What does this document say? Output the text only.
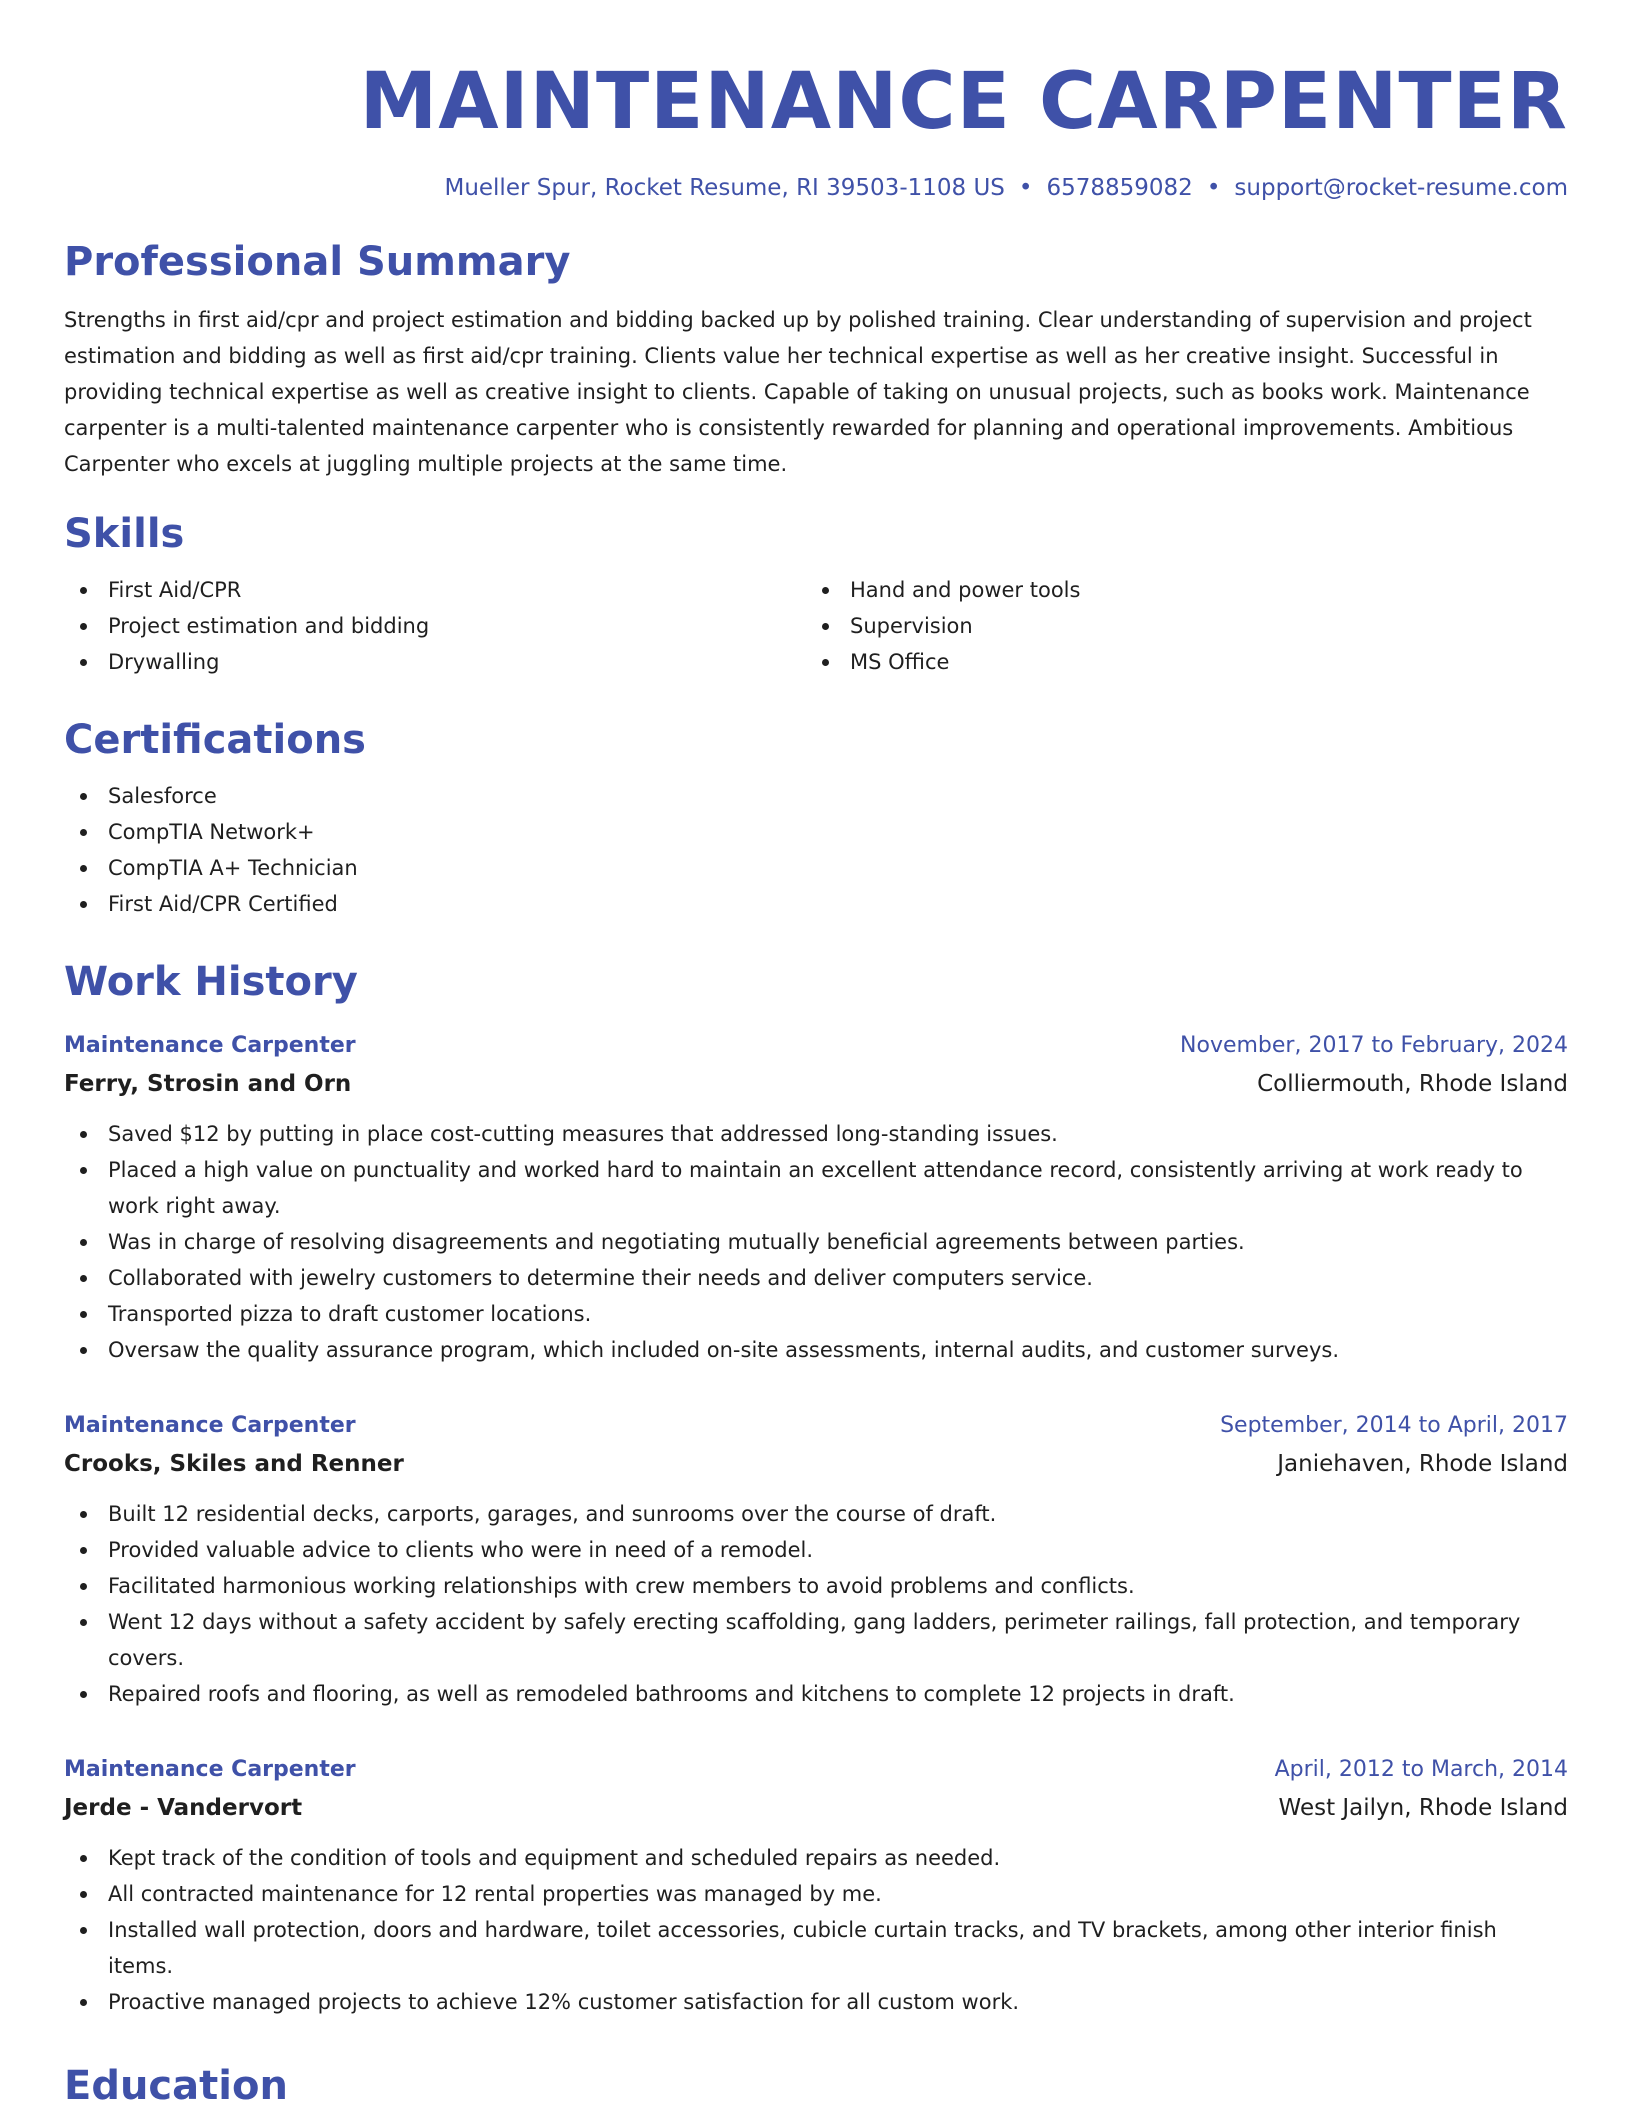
MAINTENANCE CARPENTER
Mueller Spur, Rocket Resume, RI 39503-1108 US • 6578859082 • support@rocket-resume.com
Professional Summary

Strengths in first aid/cpr and project estimation and bidding backed up by polished training. Clear understanding of supervision and project estimation and bidding as well as first aid/cpr training. Clients value her technical expertise as well as her creative insight. Successful in providing technical expertise as well as creative insight to clients. Capable of taking on unusual projects, such as books work. Maintenance carpenter is a multi-talented maintenance carpenter who is consistently rewarded for planning and operational improvements. Ambitious Carpenter who excels at juggling multiple projects at the same time.

Skills
First Aid/CPR
Project estimation and bidding
Drywalling
Hand and power tools
Supervision
MS Office
Certifications
Salesforce
CompTIA Network+
CompTIA A+ Technician
First Aid/CPR Certified
Work History
Maintenance Carpenter	November, 2017 to February, 2024
Ferry, Strosin and Orn	Colliermouth, Rhode Island
Saved $12 by putting in place cost-cutting measures that addressed long-standing issues.
Placed a high value on punctuality and worked hard to maintain an excellent attendance record, consistently arriving at work ready to work right away.
Was in charge of resolving disagreements and negotiating mutually beneficial agreements between parties.
Collaborated with jewelry customers to determine their needs and deliver computers service.
Transported pizza to draft customer locations.
Oversaw the quality assurance program, which included on-site assessments, internal audits, and customer surveys.
Maintenance Carpenter	September, 2014 to April, 2017
Crooks, Skiles and Renner	Janiehaven, Rhode Island
Built 12 residential decks, carports, garages, and sunrooms over the course of draft.
Provided valuable advice to clients who were in need of a remodel.
Facilitated harmonious working relationships with crew members to avoid problems and conflicts.
Went 12 days without a safety accident by safely erecting scaffolding, gang ladders, perimeter railings, fall protection, and temporary covers.
Repaired roofs and flooring, as well as remodeled bathrooms and kitchens to complete 12 projects in draft.
Maintenance Carpenter	April, 2012 to March, 2014
Jerde - Vandervort	West Jailyn, Rhode Island
Kept track of the condition of tools and equipment and scheduled repairs as needed.
All contracted maintenance for 12 rental properties was managed by me.
Installed wall protection, doors and hardware, toilet accessories, cubicle curtain tracks, and TV brackets, among other interior finish items.
Proactive managed projects to achieve 12% customer satisfaction for all custom work.
Education
